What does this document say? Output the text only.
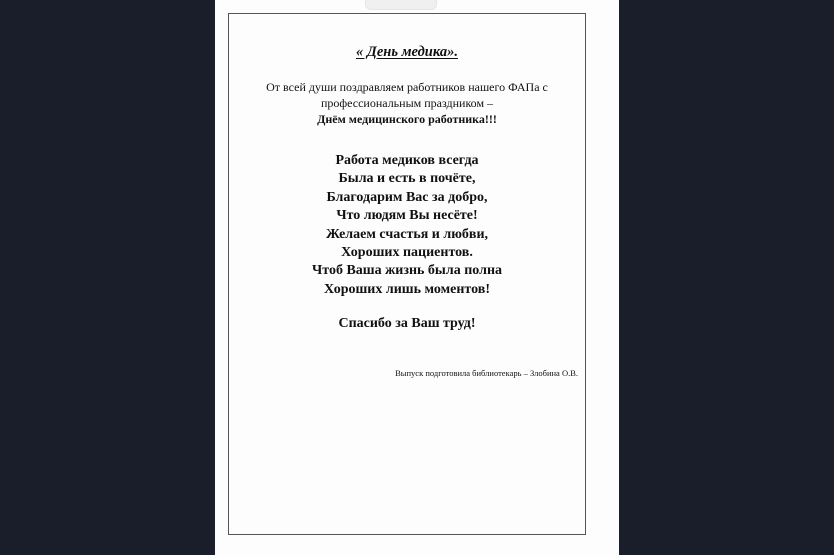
« День медика».
От всей души поздравляем работников нашего ФАПа с
профессиональным праздником –
Днём медицинского работника!!!
Работа медиков всегда
Была и есть в почёте,
Благодарим Вас за добро,
Что людям Вы несёте!
Желаем счастья и любви,
Хороших пациентов.
Чтоб Ваша жизнь была полна
Хороших лишь моментов!
Спасибо за Ваш труд!
Выпуск подготовила библиотекарь – Злобина О.В.
